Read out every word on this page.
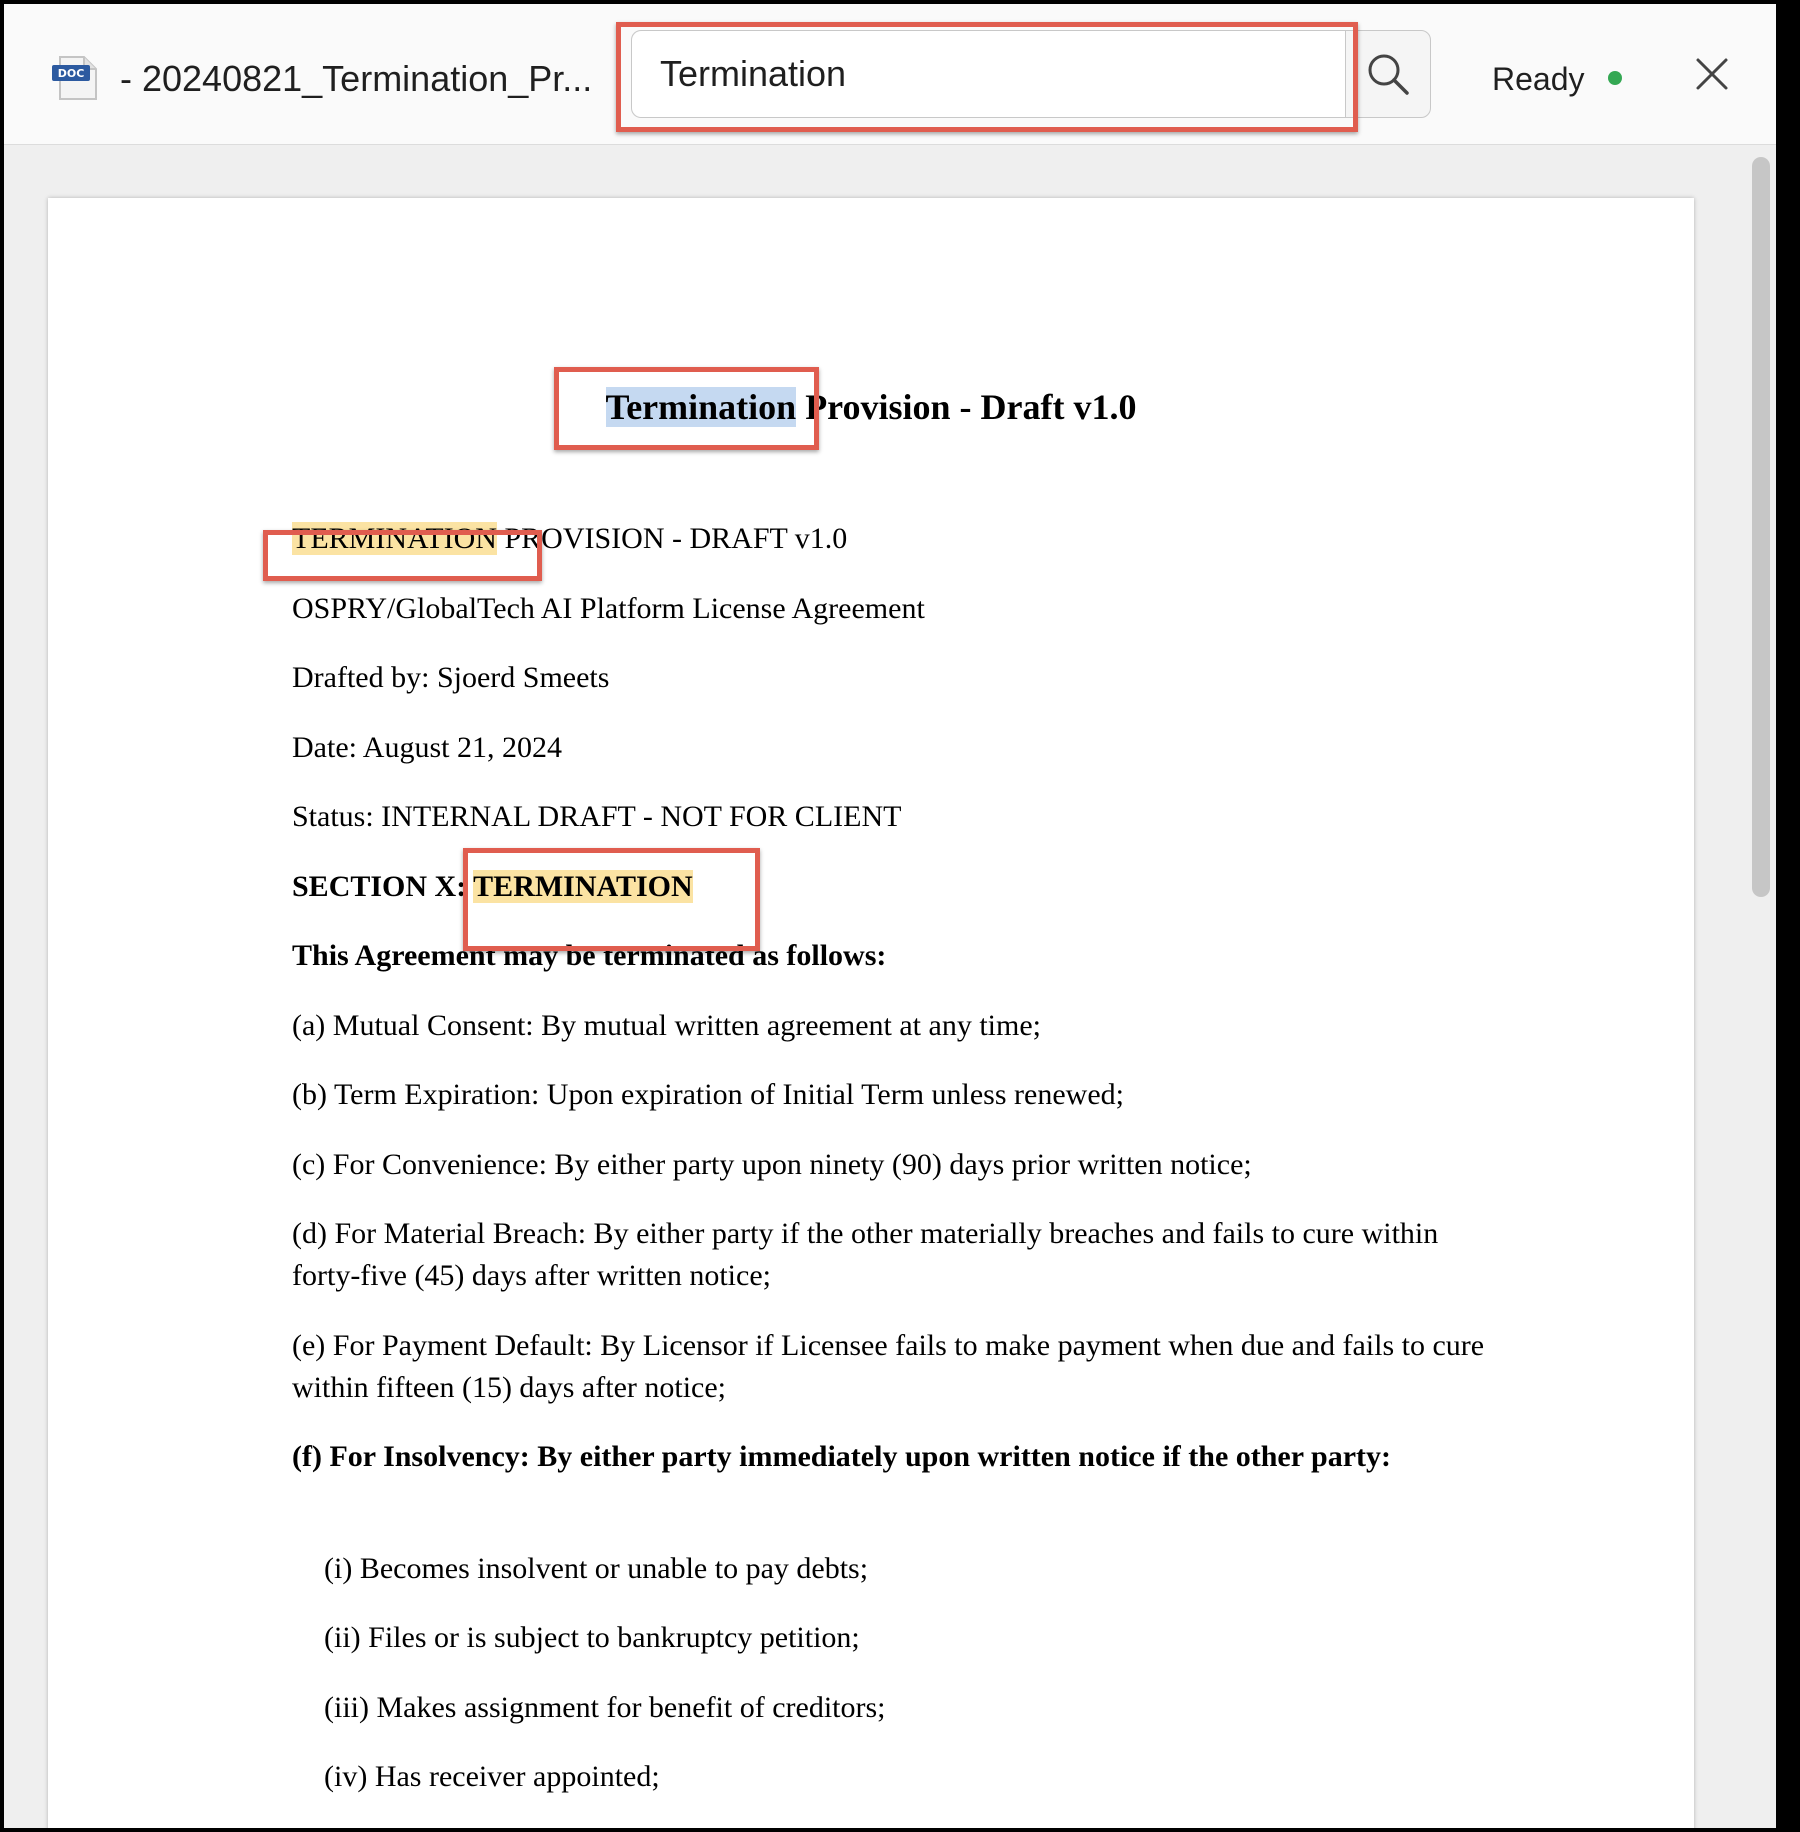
DOC - 20240821_Termination_Pr...
Termination	Ready
Termination Provision - Draft v1.0
TERMINATION PROVISION - DRAFT v1.0
OSPRY/GlobalTech AI Platform License Agreement
Drafted by: Sjoerd Smeets
Date: August 21, 2024
Status: INTERNAL DRAFT - NOT FOR CLIENT
SECTION X: TERMINATION
This Agreement may be terminated as follows:
(a) Mutual Consent: By mutual written agreement at any time;
(b) Term Expiration: Upon expiration of Initial Term unless renewed;
(c) For Convenience: By either party upon ninety (90) days prior written notice;
(d) For Material Breach: By either party if the other materially breaches and fails to cure within forty-five (45) days after written notice;
(e) For Payment Default: By Licensor if Licensee fails to make payment when due and fails to cure within fifteen (15) days after notice;
(f) For Insolvency: By either party immediately upon written notice if the other party:
(i) Becomes insolvent or unable to pay debts;
(ii) Files or is subject to bankruptcy petition;
(iii) Makes assignment for benefit of creditors;
(iv) Has receiver appointed;
